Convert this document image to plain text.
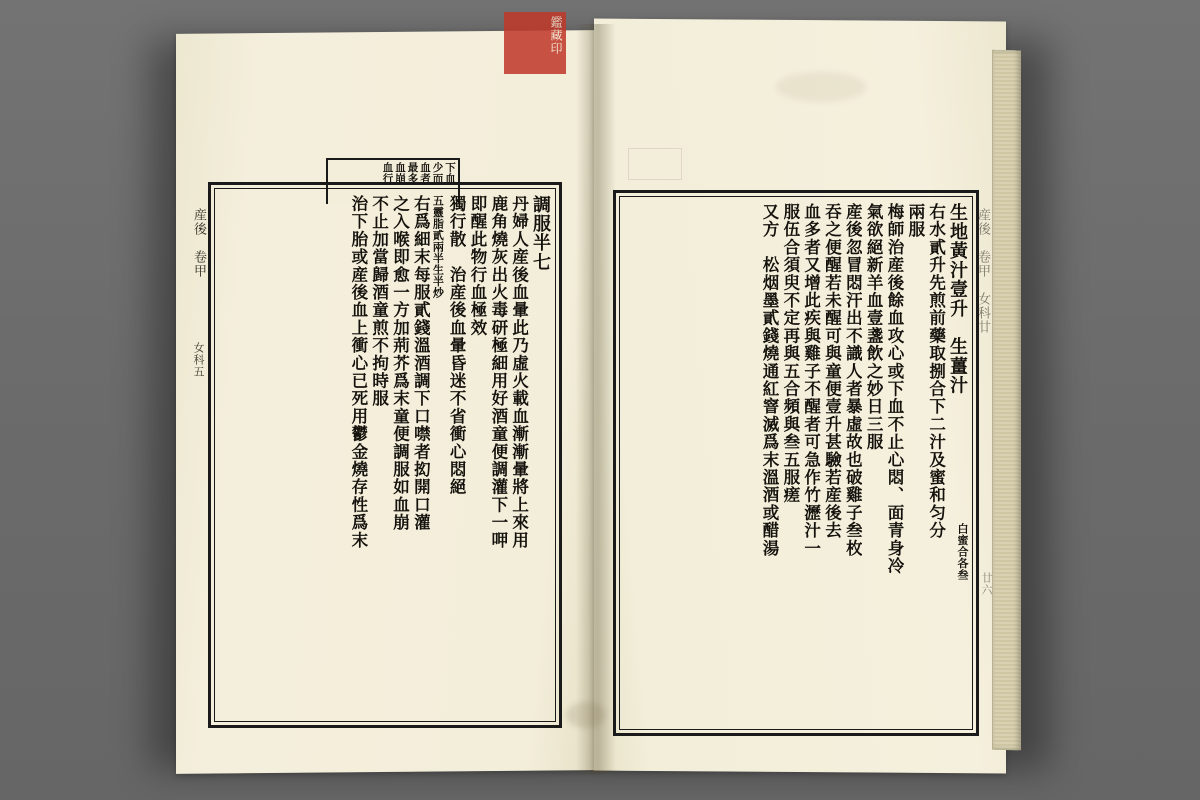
鑑藏印
下血
少而
血者
最多
血崩
血行
調服半七
丹婦人産後血暈此乃虛火載血漸漸暈將上來用
鹿角燒灰出火毒研極細用好酒童便調灌下一呷
即醒此物行血極效
獨行散　治産後血暈昏迷不省衝心悶絕
五靈脂貳兩半生半炒
右爲細末每服貳錢溫酒調下口噤者抝開口灌
之入喉即愈一方加荊芥爲末童便調服如血崩
不止加當歸酒童煎不拘時服
治下胎或産後血上衝心已死用鬱金燒存性爲末	生地黃汁壹升　生薑汁
右水貳升先煎前藥取捌合下二汁及蜜和匀分
兩服
梅師治産後餘血攻心或下血不止心悶、面青身冷
氣欲絕新羊血壹盞飲之妙日三服
産後忽冒悶汗出不識人者暴虛故也破雞子叁枚
吞之便醒若未醒可與童便壹升甚驗若産後去
血多者又增此疾與雞子不醒者可急作竹瀝汁一
服伍合須臾不定再與五合頻與叁五服瘥
又方　松烟墨貳錢燒通紅窨滅爲末溫酒或醋湯	白蜜合各叁
産後　卷甲
女科五
産後　卷甲　女科廿
廿六
